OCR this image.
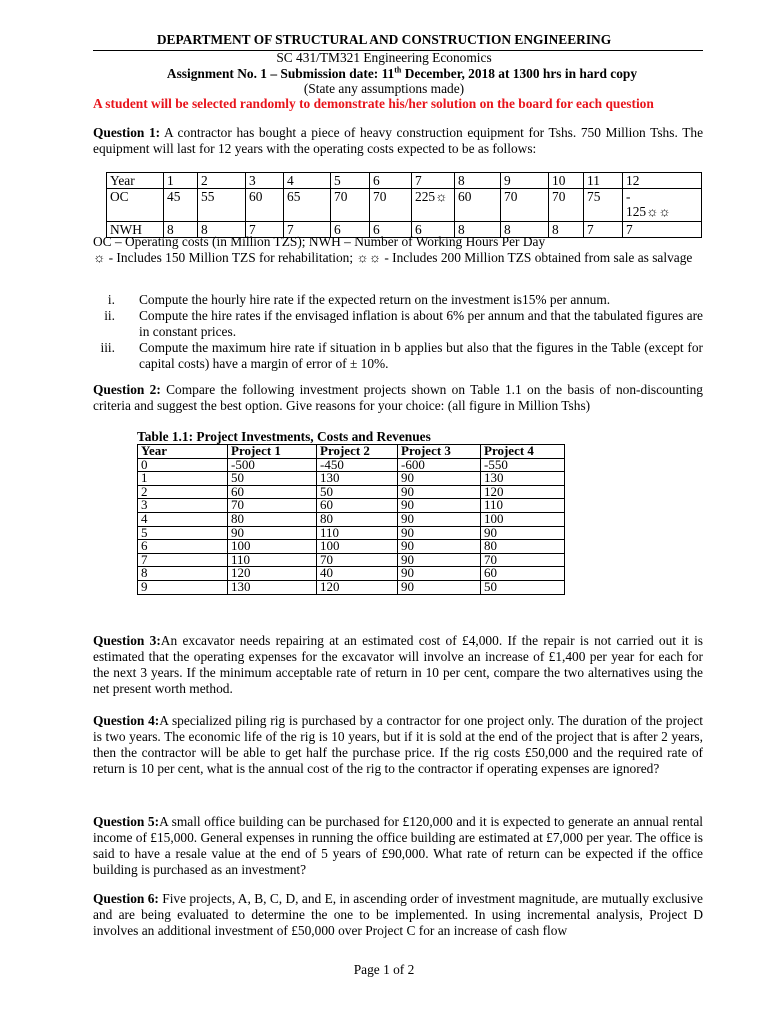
DEPARTMENT OF STRUCTURAL AND CONSTRUCTION ENGINEERING
SC 431/TM321 Engineering Economics
Assignment No. 1 – Submission date: 11th December, 2018 at 1300 hrs in hard copy
(State any assumptions made)
A student will be selected randomly to demonstrate his/her solution on the board for each question
Question 1: A contractor has bought a piece of heavy construction equipment for Tshs. 750 Million Tshs. The equipment will last for 12 years with the operating costs expected to be as follows:
Year	1	2	3	4	5	6	7	8	9	10	11	12
OC	45	55	60	65	70	70	225☼	60	70	70	75	-
125☼☼
NWH	8	8	7	7	6	6	6	8	8	8	7	7
OC – Operating costs (in Million TZS); NWH – Number of Working Hours Per Day
☼ - Includes 150 Million TZS for rehabilitation; ☼☼ - Includes 200 Million TZS obtained from sale as salvage
i. Compute the hourly hire rate if the expected return on the investment is15% per annum.
ii. Compute the hire rates if the envisaged inflation is about 6% per annum and that the tabulated figures are in constant prices.
iii. Compute the maximum hire rate if situation in b applies but also that the figures in the Table (except for capital costs) have a margin of error of ± 10%.
Question 2: Compare the following investment projects shown on Table 1.1 on the basis of non-discounting criteria and suggest the best option. Give reasons for your choice: (all figure in Million Tshs)
Table 1.1: Project Investments, Costs and Revenues
Year	Project 1	Project 2	Project 3	Project 4
0	-500	-450	-600	-550
1	50	130	90	130
2	60	50	90	120
3	70	60	90	110
4	80	80	90	100
5	90	110	90	90
6	100	100	90	80
7	110	70	90	70
8	120	40	90	60
9	130	120	90	50
Question 3:An excavator needs repairing at an estimated cost of £4,000. If the repair is not carried out it is estimated that the operating expenses for the excavator will involve an increase of £1,400 per year for each for the next 3 years. If the minimum acceptable rate of return in 10 per cent, compare the two alternatives using the net present worth method.
Question 4:A specialized piling rig is purchased by a contractor for one project only. The duration of the project is two years. The economic life of the rig is 10 years, but if it is sold at the end of the project that is after 2 years, then the contractor will be able to get half the purchase price. If the rig costs £50,000 and the required rate of return is 10 per cent, what is the annual cost of the rig to the contractor if operating expenses are ignored?
Question 5:A small office building can be purchased for £120,000 and it is expected to generate an annual rental income of £15,000. General expenses in running the office building are estimated at £7,000 per year. The office is said to have a resale value at the end of 5 years of £90,000. What rate of return can be expected if the office building is purchased as an investment?
Question 6: Five projects, A, B, C, D, and E, in ascending order of investment magnitude, are mutually exclusive and are being evaluated to determine the one to be implemented. In using incremental analysis, Project D involves an additional investment of £50,000 over Project C for an increase of cash flow
Page 1 of 2
